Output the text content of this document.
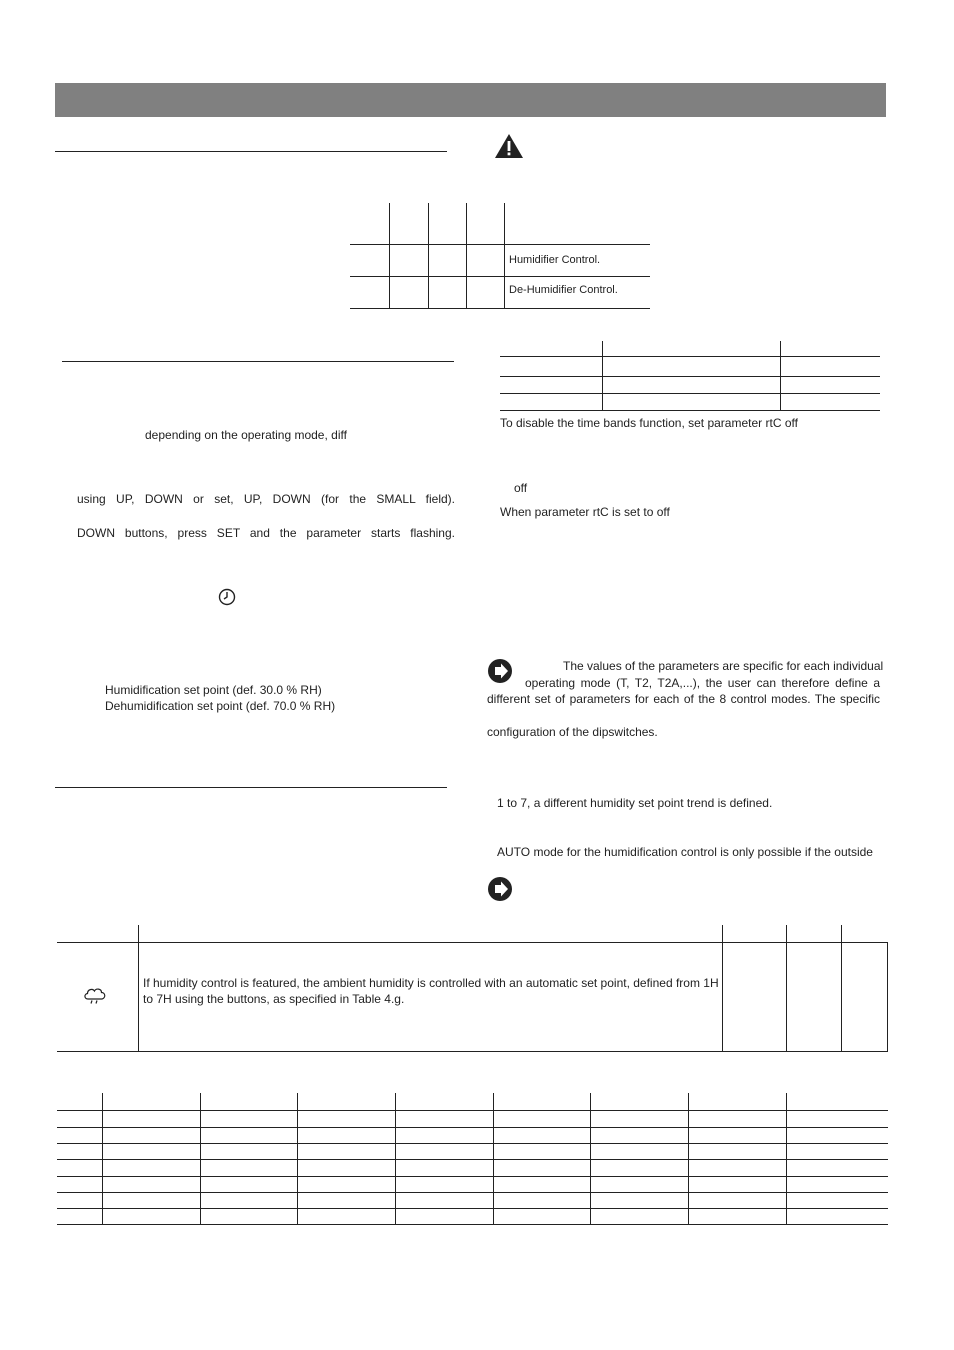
Humidifier Control.
De-Humidifier Control.
depending on the operating mode, diff
using UP, DOWN or set, UP, DOWN (for the SMALL field).
DOWN buttons, press SET and the parameter starts flashing.
Humidification set point (def. 30.0 % RH)
Dehumidification set point (def. 70.0 % RH)
To disable the time bands function, set parameter rtC off
off
When parameter rtC is set to off
The values of the parameters are specific for each individual
operating mode (T, T2, T2A,...), the user can therefore define a
different set of parameters for each of the 8 control modes. The specific
configuration of the dipswitches.
1 to 7, a different humidity set point trend is defined.
AUTO mode for the humidification control is only possible if the outside
If humidity control is featured, the ambient humidity is controlled with an automatic set point, defined from 1H
to 7H using the buttons, as specified in Table 4.g.
